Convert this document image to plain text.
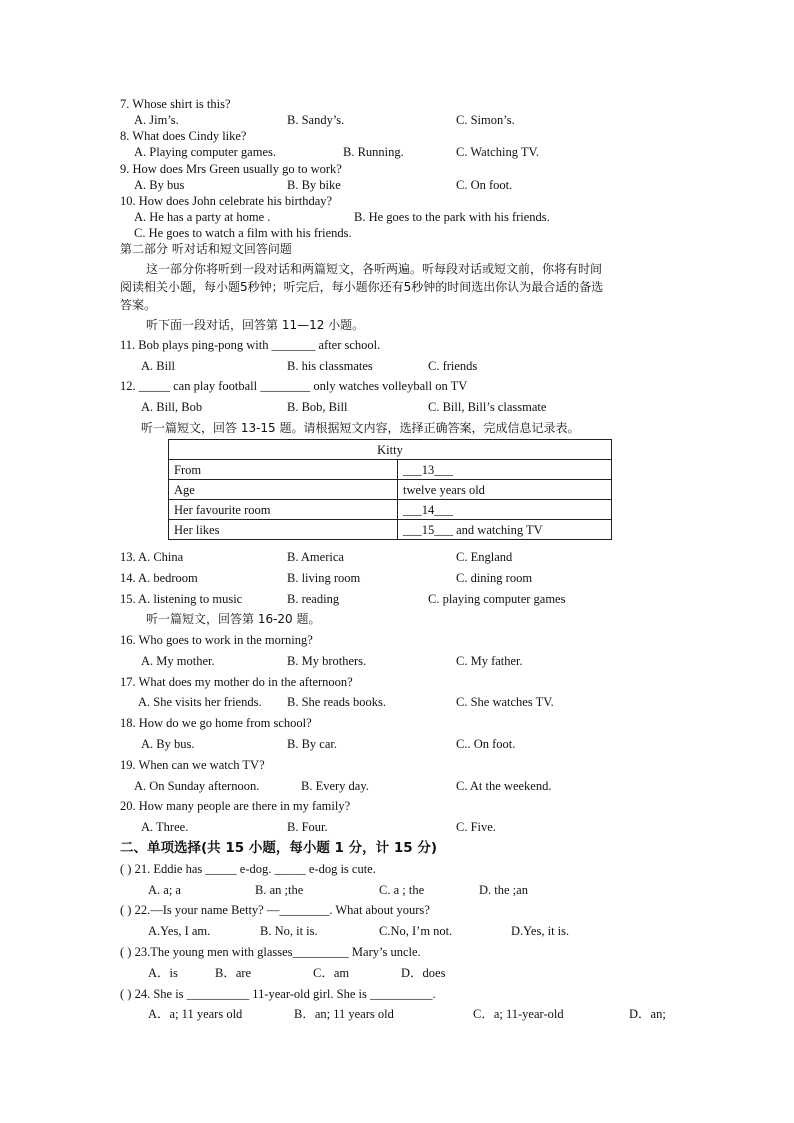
7. Whose shirt is this?
A. Jim’s.	B. Sandy’s.	C. Simon’s.
8. What does Cindy like?
A. Playing computer games.	B. Running.	C. Watching TV.
9. How does Mrs Green usually go to work?
A. By bus	B. By bike	C. On foot.
10. How does John celebrate his birthday?
A. He has a party at home .	B. He goes to the park with his friends.
C. He goes to watch a film with his friends.
第二部分 听对话和短文回答问题
这一部分你将听到一段对话和两篇短文，各听两遍。听每段对话或短文前，你将有时间
阅读相关小题，每小题5秒钟；听完后，每小题你还有5秒钟的时间选出你认为最合适的备选
答案。
听下面一段对话，回答第 11—12 小题。
11. Bob plays ping-pong with _______ after school.
A. Bill	B. his classmates	C. friends
12. _____ can play football ________ only watches volleyball on TV
A. Bill, Bob	B. Bob, Bill	C. Bill, Bill’s classmate
听一篇短文，回答 13-15 题。请根据短文内容，选择正确答案，完成信息记录表。
Kitty	
From	___13___
Age	twelve years old
Her favourite room	___14___
Her likes	___15___ and watching TV
13. A. China	B. America	C. England
14. A. bedroom	B. living room	C. dining room
15. A. listening to music	B. reading	C. playing computer games
听一篇短文，回答第 16-20 题。
16. Who goes to work in the morning?
A. My mother.	B. My brothers.	C. My father.
17. What does my mother do in the afternoon?
A. She visits her friends. B. She reads books.	C. She watches TV.
18. How do we go home from school?
A. By bus.	B. By car.	C.. On foot.
19. When can we watch TV?
A. On Sunday afternoon.	B. Every day.	C. At the weekend.
20. How many people are there in my family?
A. Three.	B. Four.	C. Five.
二、单项选择(共 15 小题，每小题 1 分，计 15 分)
( ) 21. Eddie has _____ e-dog. _____ e-dog is cute.
A. a; a	B. an ;the	C. a ; the	D. the ;an
( ) 22.—Is your name Betty? —________. What about yours?
A.Yes, I am.	B. No, it is.	C.No, I’m not.	D.Yes, it is.
( ) 23.The young men with glasses_________ Mary’s uncle.
A．is	B．are	C．am	D．does
( ) 24. She is __________ 11-year-old girl. She is __________.
A．a; 11 years old	B．an; 11 years old	C．a; 11-year-old	D．an;
